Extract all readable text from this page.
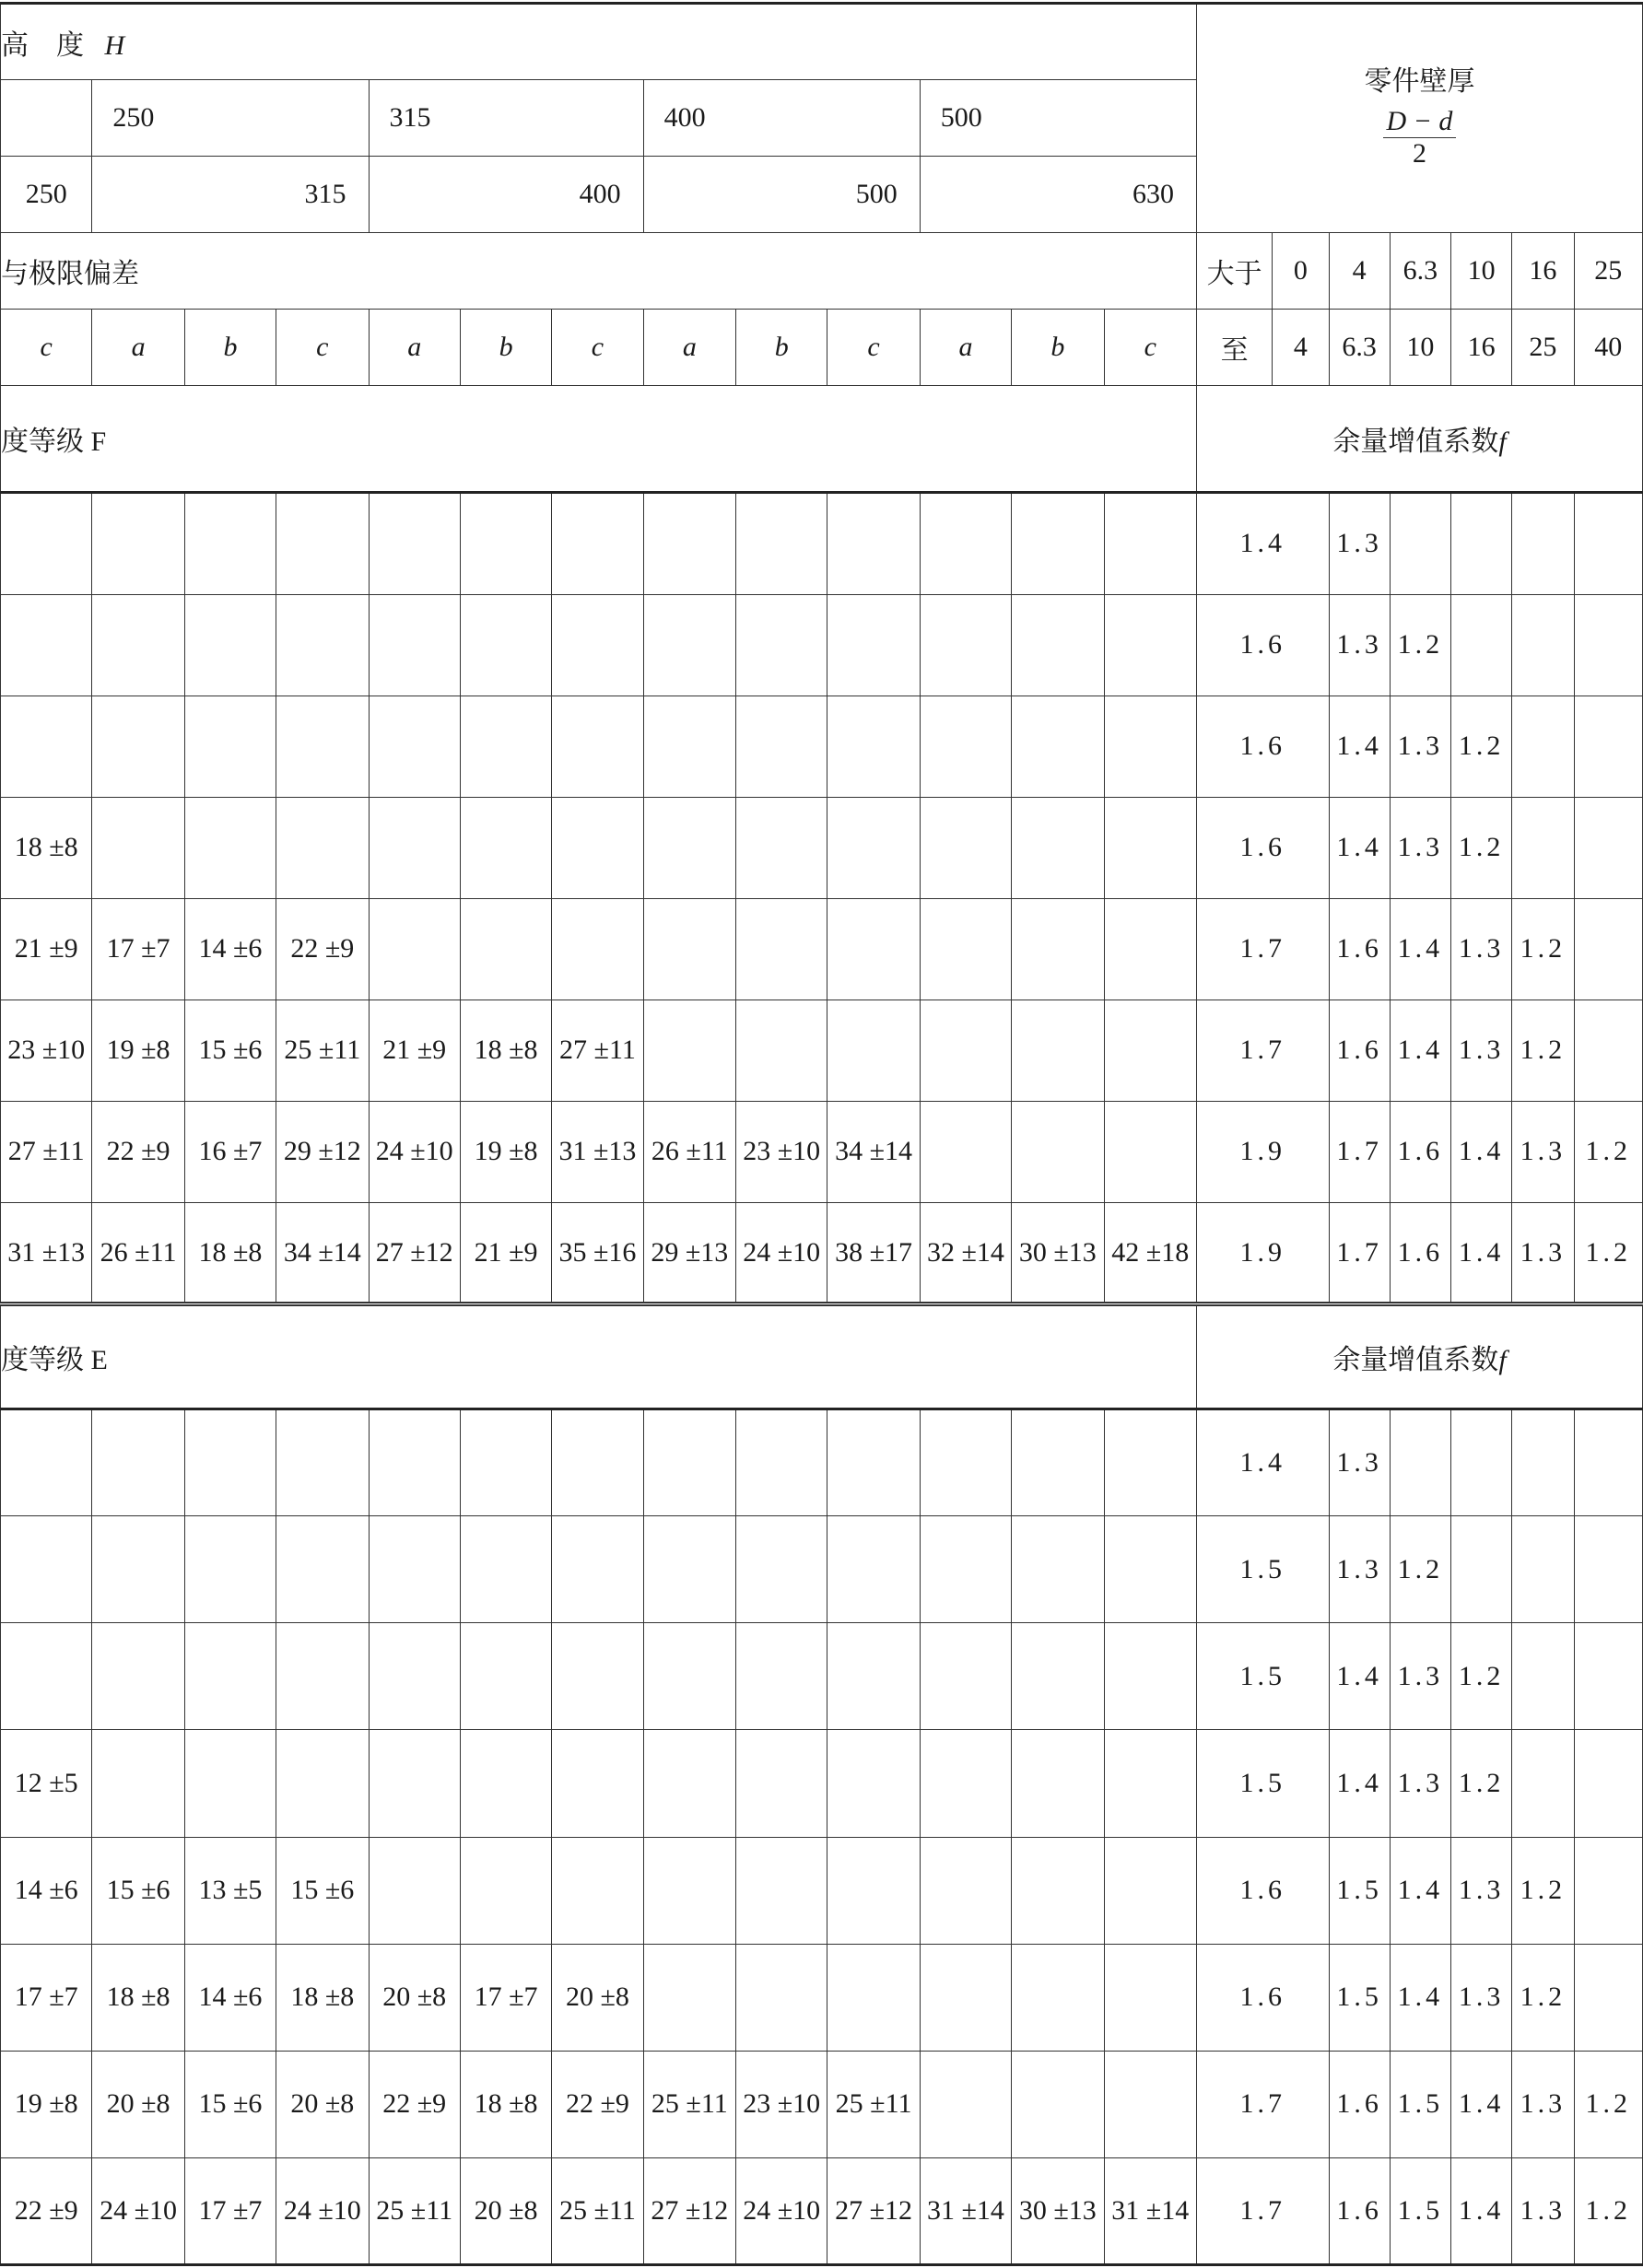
高　度 H													零件壁厚
$\frac{D - d}{2}$

	250			315			400			500									
250	315			400			500			630									
与极限偏差													大于	0	4	6.3	10	16	25
c	a	b	c	a	b	c	a	b	c	a	b	c	至	4	6.3	10	16	25	40
度等级 F													余量增值系数f						
													1.4		1.3				
													1.6		1.3	1.2			
													1.6		1.4	1.3	1.2		
18 ±8													1.6		1.4	1.3	1.2		
21 ±9	17 ±7	14 ±6	22 ±9										1.7		1.6	1.4	1.3	1.2	
23 ±10	19 ±8	15 ±6	25 ±11	21 ±9	18 ±8	27 ±11							1.7		1.6	1.4	1.3	1.2	
27 ±11	22 ±9	16 ±7	29 ±12	24 ±10	19 ±8	31 ±13	26 ±11	23 ±10	34 ±14				1.9		1.7	1.6	1.4	1.3	1.2
31 ±13	26 ±11	18 ±8	34 ±14	27 ±12	21 ±9	35 ±16	29 ±13	24 ±10	38 ±17	32 ±14	30 ±13	42 ±18	1.9		1.7	1.6	1.4	1.3	1.2
度等级 E													余量增值系数f						
													1.4		1.3				
													1.5		1.3	1.2			
													1.5		1.4	1.3	1.2		
12 ±5													1.5		1.4	1.3	1.2		
14 ±6	15 ±6	13 ±5	15 ±6										1.6		1.5	1.4	1.3	1.2	
17 ±7	18 ±8	14 ±6	18 ±8	20 ±8	17 ±7	20 ±8							1.6		1.5	1.4	1.3	1.2	
19 ±8	20 ±8	15 ±6	20 ±8	22 ±9	18 ±8	22 ±9	25 ±11	23 ±10	25 ±11				1.7		1.6	1.5	1.4	1.3	1.2
22 ±9	24 ±10	17 ±7	24 ±10	25 ±11	20 ±8	25 ±11	27 ±12	24 ±10	27 ±12	31 ±14	30 ±13	31 ±14	1.7		1.6	1.5	1.4	1.3	1.2
